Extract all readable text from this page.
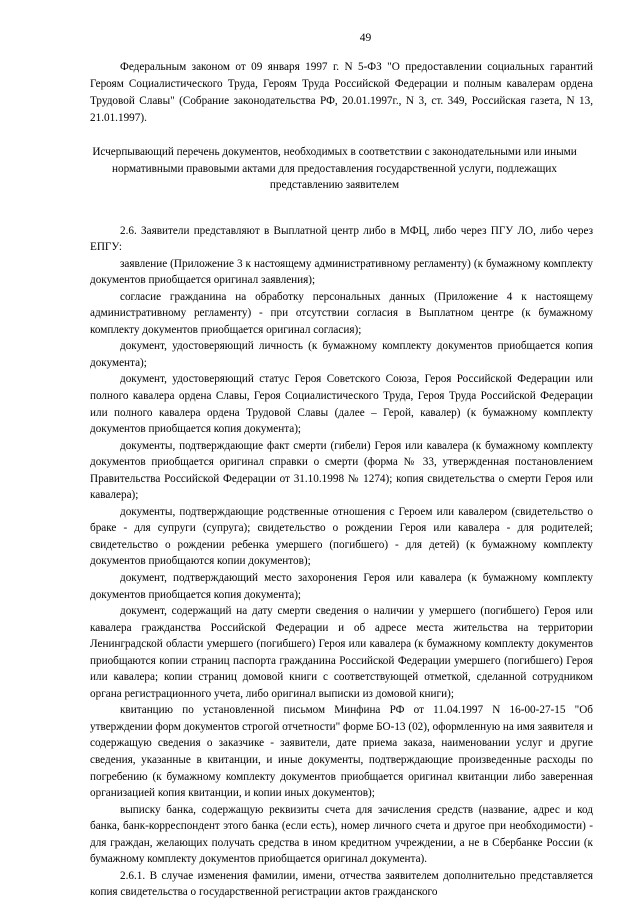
49

Федеральным законом от 09 января 1997 г. N 5-ФЗ "О предоставлении социальных гарантий Героям Социалистического Труда, Героям Труда Российской Федерации и полным кавалерам ордена Трудовой Славы" (Собрание законодательства РФ, 20.01.1997г., N 3, ст. 349, Российская газета, N 13, 21.01.1997).

Исчерпывающий перечень документов, необходимых в соответствии с законодательными или иными нормативными правовыми актами для предоставления государственной услуги, подлежащих представлению заявителем

2.6. Заявители представляют в Выплатной центр либо в МФЦ, либо через ПГУ ЛО, либо через ЕПГУ:

заявление (Приложение 3 к настоящему административному регламенту) (к бумажному комплекту документов приобщается оригинал заявления);

согласие гражданина на обработку персональных данных (Приложение 4 к настоящему административному регламенту) - при отсутствии согласия в Выплатном центре (к бумажному комплекту документов приобщается оригинал согласия);

документ, удостоверяющий личность (к бумажному комплекту документов приобщается копия документа);

документ, удостоверяющий статус Героя Советского Союза, Героя Российской Федерации или полного кавалера ордена Славы, Героя Социалистического Труда, Героя Труда Российской Федерации или полного кавалера ордена Трудовой Славы (далее – Герой, кавалер) (к бумажному комплекту документов приобщается копия документа);

документы, подтверждающие факт смерти (гибели) Героя или кавалера (к бумажному комплекту документов приобщается оригинал справки о смерти (форма № 33, утвержденная постановлением Правительства Российской Федерации от 31.10.1998 № 1274); копия свидетельства о смерти Героя или кавалера);

документы, подтверждающие родственные отношения с Героем или кавалером (свидетельство о браке - для супруги (супруга); свидетельство о рождении Героя или кавалера - для родителей; свидетельство о рождении ребенка умершего (погибшего) - для детей) (к бумажному комплекту документов приобщаются копии документов);

документ, подтверждающий место захоронения Героя или кавалера (к бумажному комплекту документов приобщается копия документа);

документ, содержащий на дату смерти сведения о наличии у умершего (погибшего) Героя или кавалера гражданства Российской Федерации и об адресе места жительства на территории Ленинградской области умершего (погибшего) Героя или кавалера (к бумажному комплекту документов приобщаются копии страниц паспорта гражданина Российской Федерации умершего (погибшего) Героя или кавалера; копии страниц домовой книги с соответствующей отметкой, сделанной сотрудником органа регистрационного учета, либо оригинал выписки из домовой книги);

квитанцию по установленной письмом Минфина РФ от 11.04.1997 N 16-00-27-15 "Об утверждении форм документов строгой отчетности" форме БО-13 (02), оформленную на имя заявителя и содержащую сведения о заказчике - заявители, дате приема заказа, наименовании услуг и другие сведения, указанные в квитанции, и иные документы, подтверждающие произведенные расходы по погребению (к бумажному комплекту документов приобщается оригинал квитанции либо заверенная организацией копия квитанции, и копии иных документов);

выписку банка, содержащую реквизиты счета для зачисления средств (название, адрес и код банка, банк-корреспондент этого банка (если есть), номер личного счета и другое при необходимости) - для граждан, желающих получать средства в ином кредитном учреждении, а не в Сбербанке России (к бумажному комплекту документов приобщается оригинал документа).

2.6.1. В случае изменения фамилии, имени, отчества заявителем дополнительно представляется копия свидетельства о государственной регистрации актов гражданского
